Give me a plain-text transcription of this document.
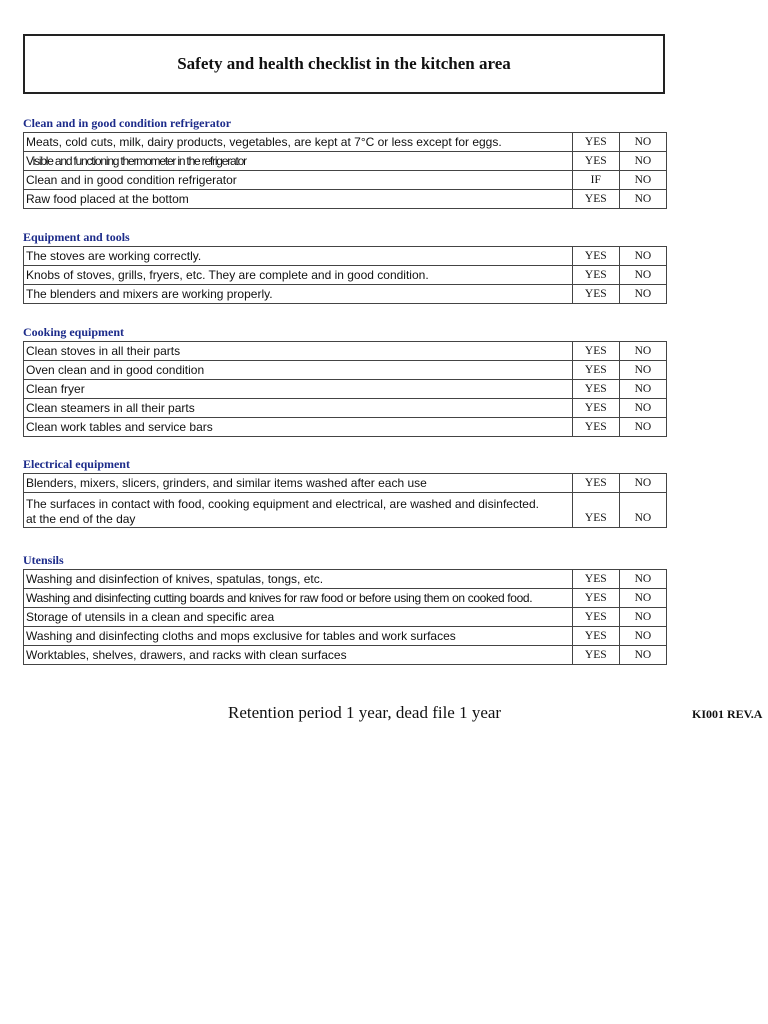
Safety and health checklist in the kitchen area
Clean and in good condition refrigerator
Meats, cold cuts, milk, dairy products, vegetables, are kept at 7°C or less except for eggs.	YES	NO
Visible and functioning thermometer in the refrigerator	YES	NO
Clean and in good condition refrigerator	IF	NO
Raw food placed at the bottom	YES	NO
Equipment and tools
The stoves are working correctly.	YES	NO
Knobs of stoves, grills, fryers, etc. They are complete and in good condition.	YES	NO
The blenders and mixers are working properly.	YES	NO
Cooking equipment
Clean stoves in all their parts	YES	NO
Oven clean and in good condition	YES	NO
Clean fryer	YES	NO
Clean steamers in all their parts	YES	NO
Clean work tables and service bars	YES	NO
Electrical equipment
Blenders, mixers, slicers, grinders, and similar items washed after each use	YES	NO
The surfaces in contact with food, cooking equipment and electrical, are washed and disinfected.
at the end of the day	YES	NO
Utensils
Washing and disinfection of knives, spatulas, tongs, etc.	YES	NO
Washing and disinfecting cutting boards and knives for raw food or before using them on cooked food.	YES	NO
Storage of utensils in a clean and specific area	YES	NO
Washing and disinfecting cloths and mops exclusive for tables and work surfaces	YES	NO
Worktables, shelves, drawers, and racks with clean surfaces	YES	NO
Retention period 1 year, dead file 1 year	KI001 REV.A
